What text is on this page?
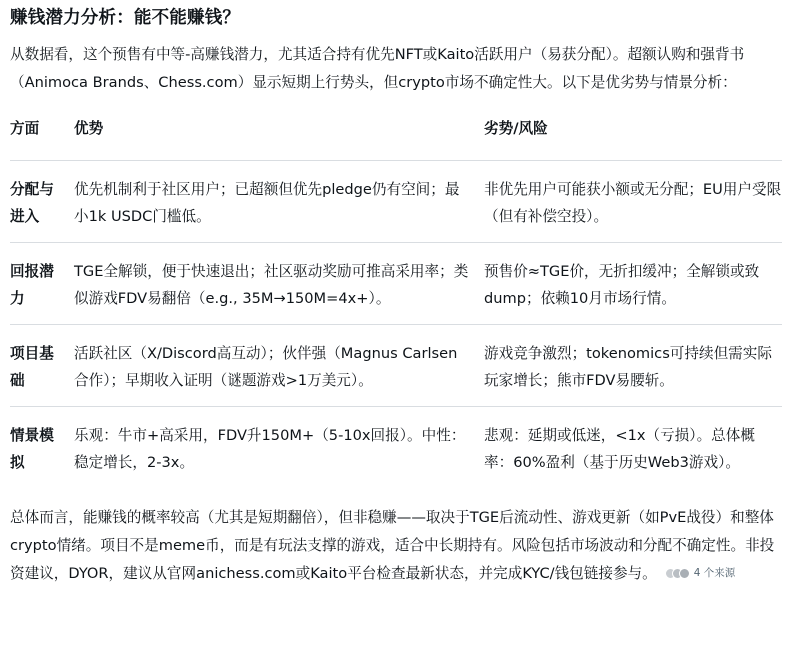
赚钱潜力分析：能不能赚钱？

从数据看，这个预售有中等-高赚钱潜力，尤其适合持有优先NFT或Kaito活跃用户（易获分配）。超额认购和强背书（Animoca Brands、Chess.com）显示短期上行势头，但crypto市场不确定性大。以下是优劣势与情景分析：

方面	优势	劣势/风险
分配与进入	优先机制利于社区用户；已超额但优先pledge仍有空间；最小1k USDC门槛低。	非优先用户可能获小额或无分配；EU用户受限（但有补偿空投）。
回报潜力	TGE全解锁，便于快速退出；社区驱动奖励可推高采用率；类似游戏FDV易翻倍（e.g., 35M→150M=4x+）。	预售价≈TGE价，无折扣缓冲；全解锁或致dump；依赖10月市场行情。
项目基础	活跃社区（X/Discord高互动）；伙伴强（Magnus Carlsen合作）；早期收入证明（谜题游戏>1万美元）。	游戏竞争激烈；tokenomics可持续但需实际玩家增长；熊市FDV易腰斩。
情景模拟	乐观：牛市+高采用，FDV升150M+（5-10x回报）。中性：稳定增长，2-3x。	悲观：延期或低迷，<1x（亏损）。总体概率：60%盈利（基于历史Web3游戏）。

总体而言，能赚钱的概率较高（尤其是短期翻倍），但非稳赚——取决于TGE后流动性、游戏更新（如PvE战役）和整体crypto情绪。项目不是meme币，而是有玩法支撑的游戏，适合中长期持有。风险包括市场波动和分配不确定性。非投资建议，DYOR，建议从官网anichess.com或Kaito平台检查最新状态，并完成KYC/钱包链接参与。	4 个来源
